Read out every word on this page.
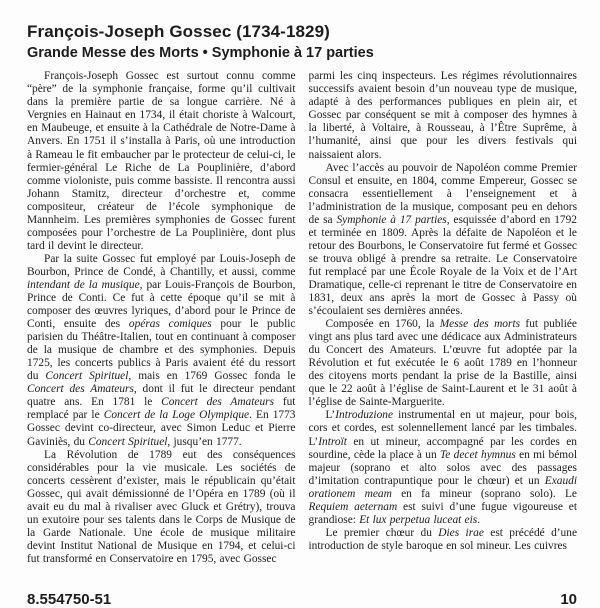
François-Joseph Gossec (1734-1829)
Grande Messe des Morts • Symphonie à 17 parties

François-Joseph Gossec est surtout connu comme “père” de la symphonie française, forme qu’il cultivait dans la première partie de sa longue carrière. Né à Vergnies en Hainaut en 1734, il était choriste à Walcourt, en Maubeuge, et ensuite à la Cathédrale de Notre-Dame à Anvers. En 1751 il s’installa à Paris, où une introduction à Rameau le fit embaucher par le protecteur de celui-ci, le fermier-général Le Riche de La Pouplinière, d’abord comme violoniste, puis comme bassiste. Il rencontra aussi Johann Stamitz, directeur d’orchestre et, comme compositeur, créateur de l’école symphonique de Mannheim. Les premières symphonies de Gossec furent composées pour l’orchestre de La Pouplinière, dont plus tard il devint le directeur.

Par la suite Gossec fut employé par Louis-Joseph de Bourbon, Prince de Condé, à Chantilly, et aussi, comme intendant de la musique, par Louis-François de Bourbon, Prince de Conti. Ce fut à cette époque qu’il se mit à composer des œuvres lyriques, d’abord pour le Prince de Conti, ensuite des opéras comiques pour le public parisien du Théâtre-Italien, tout en continuant à composer de la musique de chambre et des symphonies. Depuis 1725, les concerts publics à Paris avaient été du ressort du Concert Spirituel, mais en 1769 Gossec fonda le Concert des Amateurs, dont il fut le directeur pendant quatre ans. En 1781 le Concert des Amateurs fut remplacé par le Concert de la Loge Olympique. En 1773 Gossec devint co-directeur, avec Simon Leduc et Pierre Gaviniès, du Concert Spirituel, jusqu’en 1777.

La Révolution de 1789 eut des conséquences considérables pour la vie musicale. Les sociétés de concerts cessèrent d’exister, mais le républicain qu’était Gossec, qui avait démissionné de l’Opéra en 1789 (où il avait eu du mal à rivaliser avec Gluck et Grétry), trouva un exutoire pour ses talents dans le Corps de Musique de la Garde Nationale. Une école de musique militaire devint Institut National de Musique en 1794, et celui-ci fut transformé en Conservatoire en 1795, avec Gossec

parmi les cinq inspecteurs. Les régimes révolutionnaires successifs avaient besoin d’un nouveau type de musique, adapté à des performances publiques en plein air, et Gossec par conséquent se mit à composer des hymnes à la liberté, à Voltaire, à Rousseau, à l’Être Suprême, à l’humanité, ainsi que pour les divers festivals qui naissaient alors.

Avec l’accès au pouvoir de Napoléon comme Premier Consul et ensuite, en 1804, comme Empereur, Gossec se consacra essentiellement à l’enseignement et à l’administration de la musique, composant peu en dehors de sa Symphonie à 17 parties, esquissée d’abord en 1792 et terminée en 1809. Après la défaite de Napoléon et le retour des Bourbons, le Conservatoire fut fermé et Gossec se trouva obligé à prendre sa retraite. Le Conservatoire fut remplacé par une École Royale de la Voix et de l’Art Dramatique, celle-ci reprenant le titre de Conservatoire en 1831, deux ans après la mort de Gossec à Passy où s’écoulaient ses dernières années.

Composée en 1760, la Messe des morts fut publiée vingt ans plus tard avec une dédicace aux Administrateurs du Concert des Amateurs. L’œuvre fut adoptée par la Révolution et fut exécutée le 6 août 1789 en l’honneur des citoyens morts pendant la prise de la Bastille, ainsi que le 22 août à l’église de Saint-Laurent et le 31 août à l’église de Sainte-Marguerite.

L’Introduzione instrumental en ut majeur, pour bois, cors et cordes, est solennellement lancé par les timbales. L’Introït en ut mineur, accompagné par les cordes en sourdine, cède la place à un Te decet hymnus en mi bémol majeur (soprano et alto solos avec des passages d’imitation contrapuntique pour le chœur) et un Exaudi orationem meam en fa mineur (soprano solo). Le Requiem aeternam est suivi d’une fugue vigoureuse et grandiose: Et lux perpetua luceat eis.

Le premier chœur du Dies irae est précédé d’une introduction de style baroque en sol mineur. Les cuivres

8.554750-51	10
